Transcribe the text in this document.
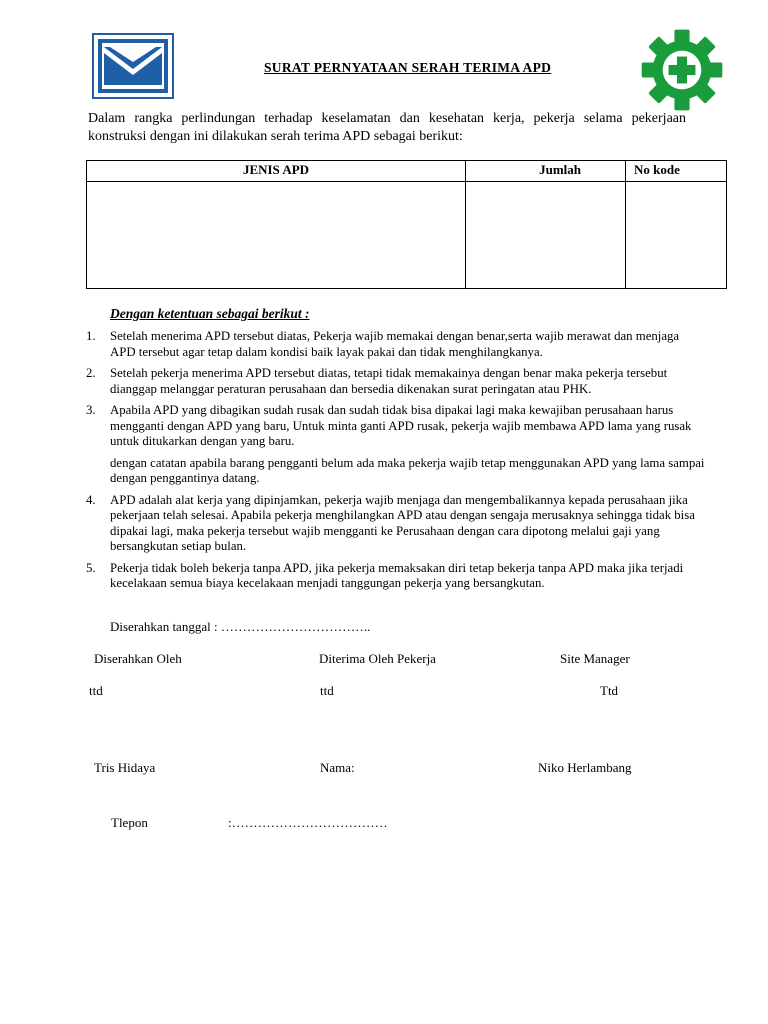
SURAT PERNYATAAN SERAH TERIMA APD
Dalam rangka perlindungan terhadap keselamatan dan kesehatan kerja, pekerja selama pekerjaan konstruksi dengan ini dilakukan serah terima APD sebagai berikut:
JENIS APD	Jumlah	No kode

Dengan ketentuan sebagai berikut :
1.	Setelah menerima APD tersebut diatas, Pekerja wajib memakai dengan benar,serta wajib merawat dan menjaga APD tersebut agar tetap dalam kondisi baik layak pakai dan tidak menghilangkanya.
2.	Setelah pekerja menerima APD tersebut diatas, tetapi tidak memakainya dengan benar maka pekerja tersebut dianggap melanggar peraturan perusahaan dan bersedia dikenakan surat peringatan atau PHK.
3.	Apabila APD yang dibagikan sudah rusak dan sudah tidak bisa dipakai lagi maka kewajiban perusahaan harus mengganti dengan APD yang baru, Untuk minta ganti APD rusak, pekerja wajib membawa APD lama yang rusak untuk ditukarkan dengan yang baru.
dengan catatan apabila barang pengganti belum ada maka pekerja wajib tetap menggunakan APD yang lama sampai dengan penggantinya datang.
4.	APD adalah alat kerja yang dipinjamkan, pekerja wajib menjaga dan mengembalikannya kepada perusahaan jika pekerjaan telah selesai. Apabila pekerja menghilangkan APD atau dengan sengaja merusaknya sehingga tidak bisa dipakai lagi, maka pekerja tersebut wajib mengganti ke Perusahaan dengan cara dipotong melalui gaji yang bersangkutan setiap bulan.
5.	Pekerja tidak boleh bekerja tanpa APD, jika pekerja memaksakan diri tetap bekerja tanpa APD maka jika terjadi kecelakaan semua biaya kecelakaan menjadi tanggungan pekerja yang bersangkutan.
Diserahkan tanggal : ……………………………..
Diserahkan Oleh	Diterima Oleh Pekerja	Site Manager
ttd	ttd	Ttd
Tris Hidaya	Nama:	Niko Herlambang
Tlepon	:………………………………
